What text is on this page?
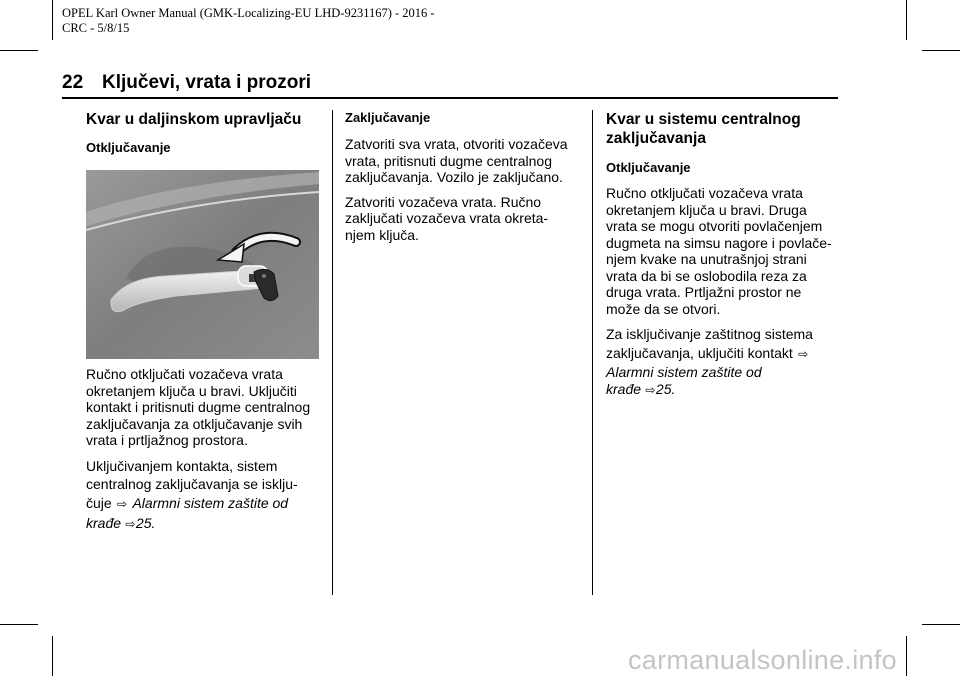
OPEL Karl Owner Manual (GMK-Localizing-EU LHD-9231167) - 2016 -
CRC - 5/8/15
22 Ključevi, vrata i prozori
Kvar u daljinskom upravljaču
Otključavanje
Ručno otključati vozačeva vrata
okretanjem ključa u bravi. Uključiti
kontakt i pritisnuti dugme centralnog
zaključavanja za otključavanje svih
vrata i prtljažnog prostora.
Uključivanjem kontakta, sistem
centralnog zaključavanja se isklju-
čuje ⇨ Alarmni sistem zaštite od
krađe ⇨25.
Zaključavanje
Zatvoriti sva vrata, otvoriti vozačeva
vrata, pritisnuti dugme centralnog
zaključavanja. Vozilo je zaključano.
Zatvoriti vozačeva vrata. Ručno
zaključati vozačeva vrata okreta-
njem ključa.
Kvar u sistemu centralnog
zaključavanja
Otključavanje
Ručno otključati vozačeva vrata
okretanjem ključa u bravi. Druga
vrata se mogu otvoriti povlačenjem
dugmeta na simsu nagore i povlače-
njem kvake na unutrašnjoj strani
vrata da bi se oslobodila reza za
druga vrata. Prtljažni prostor ne
može da se otvori.
Za isključivanje zaštitnog sistema
zaključavanja, uključiti kontakt ⇨
Alarmni sistem zaštite od
krađe ⇨25.
carmanualsonline.info
